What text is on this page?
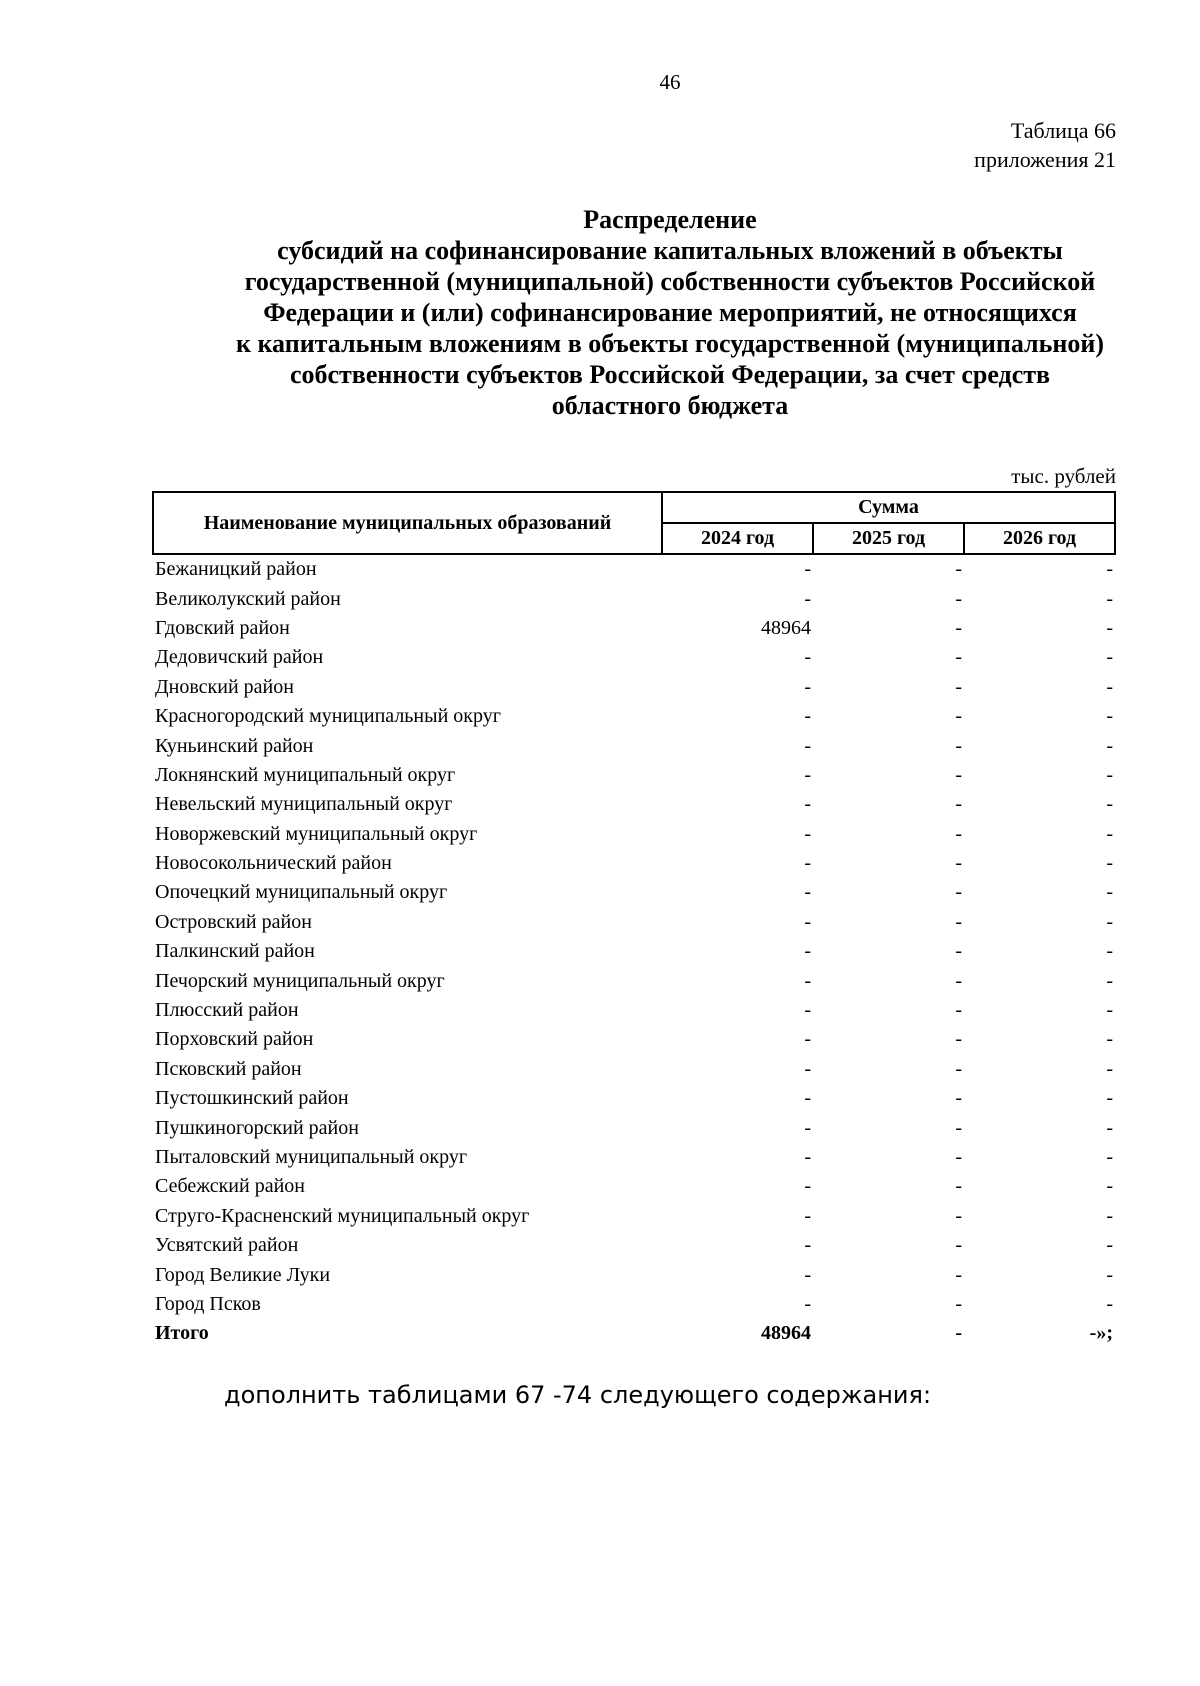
46
Таблица 66
приложения 21
Распределение
субсидий на софинансирование капитальных вложений в объекты
государственной (муниципальной) собственности субъектов Российской
Федерации и (или) софинансирование мероприятий, не относящихся
к капитальным вложениям в объекты государственной (муниципальной)
собственности субъектов Российской Федерации, за счет средств
областного бюджета
тыс. рублей
Наименование муниципальных образований	Сумма		
	2024 год	2025 год	2026 год
Бежаницкий район	-	-	-
Великолукский район	-	-	-
Гдовский район	48964	-	-
Дедовичский район	-	-	-
Дновский район	-	-	-
Красногородский муниципальный округ	-	-	-
Куньинский район	-	-	-
Локнянский муниципальный округ	-	-	-
Невельский муниципальный округ	-	-	-
Новоржевский муниципальный округ	-	-	-
Новосокольнический район	-	-	-
Опочецкий муниципальный округ	-	-	-
Островский район	-	-	-
Палкинский район	-	-	-
Печорский муниципальный округ	-	-	-
Плюсский район	-	-	-
Порховский район	-	-	-
Псковский район	-	-	-
Пустошкинский район	-	-	-
Пушкиногорский район	-	-	-
Пыталовский муниципальный округ	-	-	-
Себежский район	-	-	-
Струго-Красненский муниципальный округ	-	-	-
Усвятский район	-	-	-
Город Великие Луки	-	-	-
Город Псков	-	-	-
Итого	48964	-	-»;
дополнить таблицами 67 -74 следующего содержания:
